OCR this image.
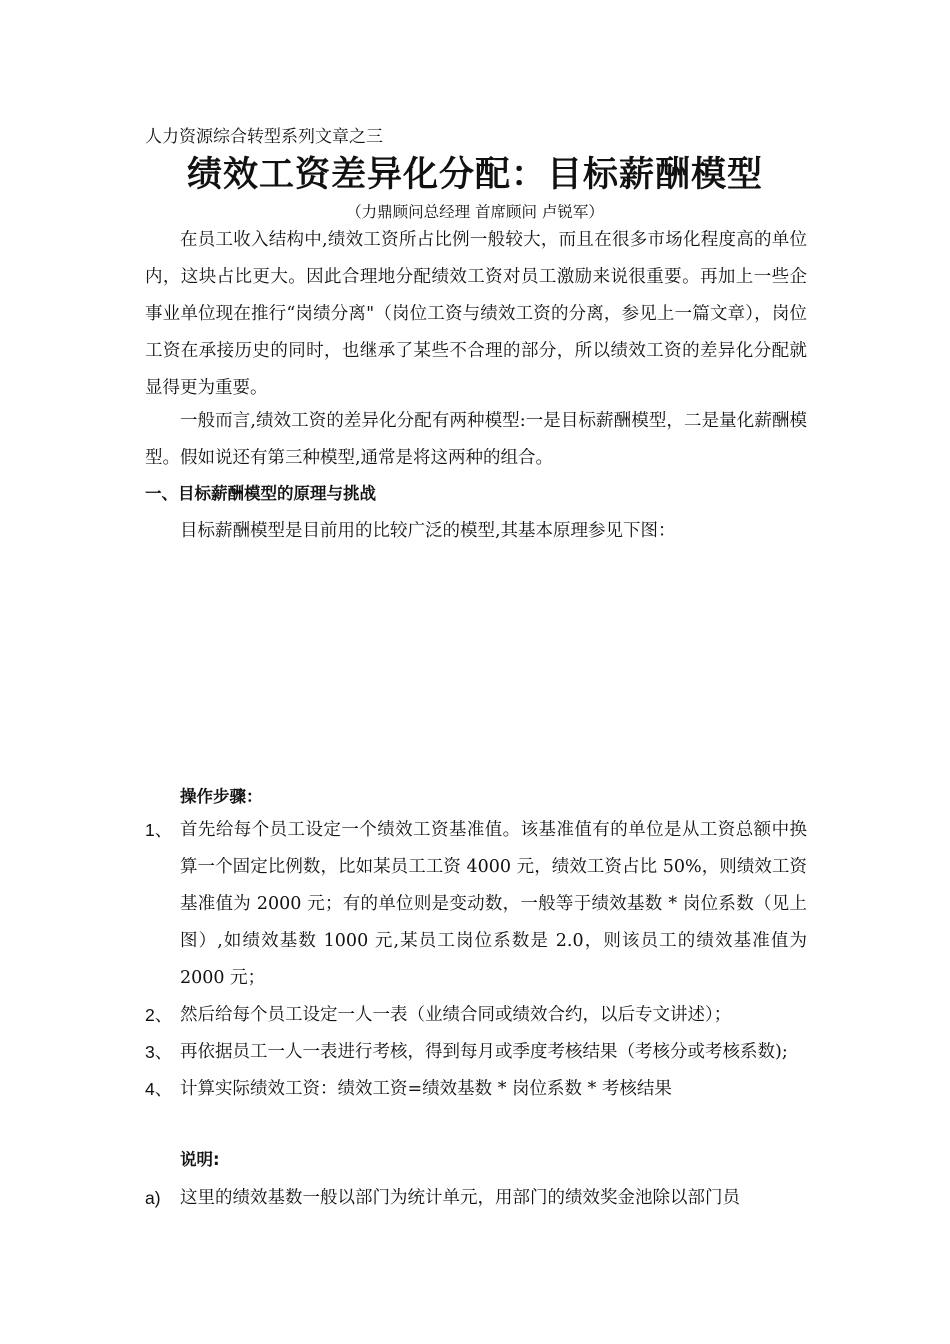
人力资源综合转型系列文章之三
绩效工资差异化分配：目标薪酬模型
（力鼎顾问总经理 首席顾问 卢锐军）

在员工收入结构中,绩效工资所占比例一般较大，而且在很多市场化程度高的单位内，这块占比更大。因此合理地分配绩效工资对员工激励来说很重要。再加上一些企事业单位现在推行“岗绩分离"（岗位工资与绩效工资的分离，参见上一篇文章），岗位工资在承接历史的同时，也继承了某些不合理的部分，所以绩效工资的差异化分配就显得更为重要。

一般而言,绩效工资的差异化分配有两种模型:一是目标薪酬模型，二是量化薪酬模型。假如说还有第三种模型,通常是将这两种的组合。

一、目标薪酬模型的原理与挑战

目标薪酬模型是目前用的比较广泛的模型,其基本原理参见下图：

操作步骤：
1、 首先给每个员工设定一个绩效工资基准值。该基准值有的单位是从工资总额中换算一个固定比例数，比如某员工工资 4000 元，绩效工资占比 50%，则绩效工资基准值为 2000 元；有的单位则是变动数，一般等于绩效基数 * 岗位系数（见上图）,如绩效基数 1000 元,某员工岗位系数是 2.0，则该员工的绩效基准值为 2000 元；
2、 然后给每个员工设定一人一表（业绩合同或绩效合约，以后专文讲述）；
3、 再依据员工一人一表进行考核，得到每月或季度考核结果（考核分或考核系数);
4、 计算实际绩效工资：绩效工资=绩效基数 * 岗位系数 * 考核结果
说明:
a)	这里的绩效基数一般以部门为统计单元，用部门的绩效奖金池除以部门员
